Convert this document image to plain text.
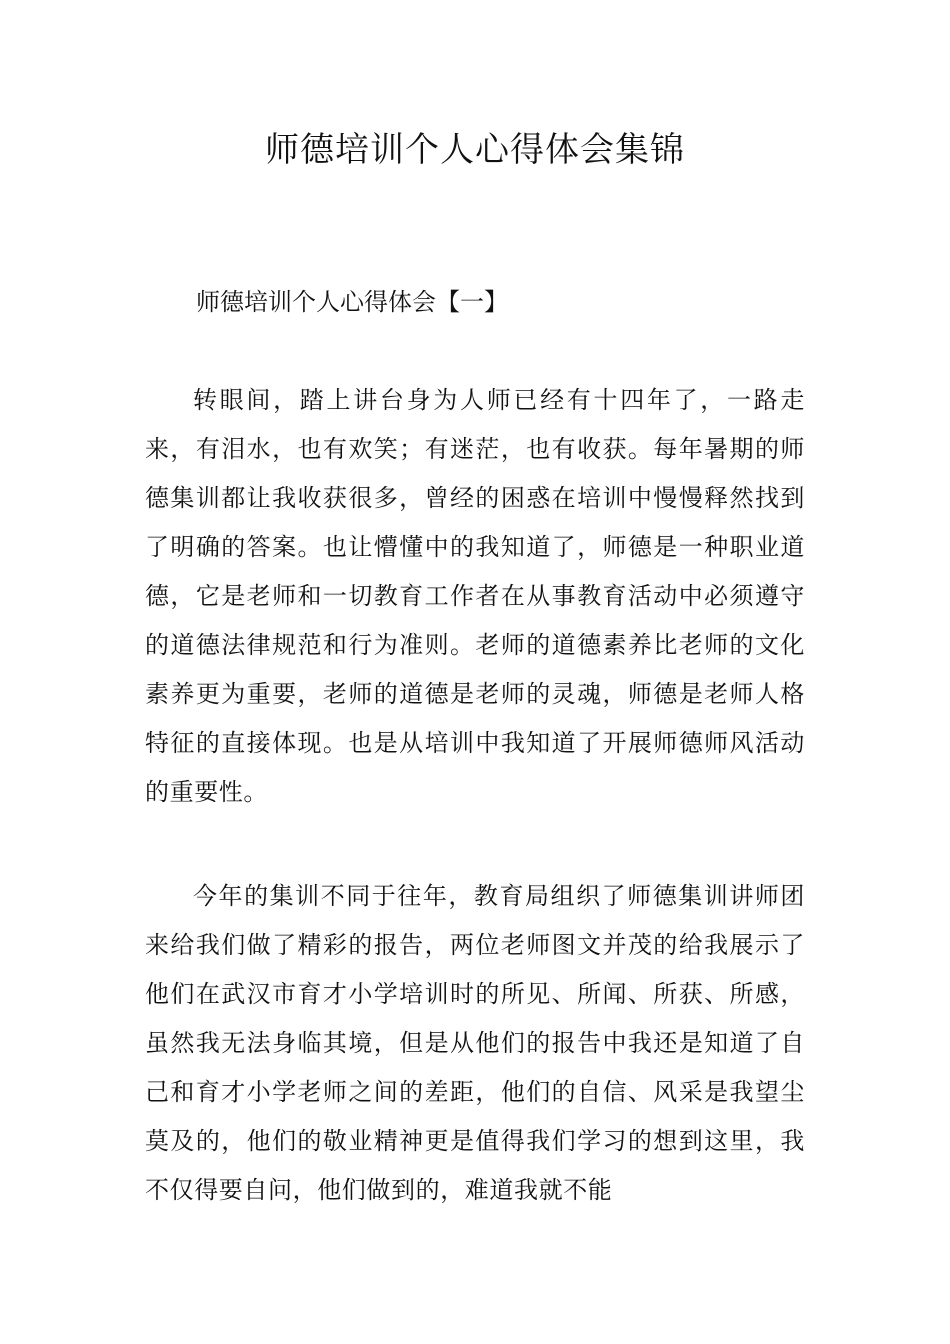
师德培训个人心得体会集锦
师德培训个人心得体会【一】

转眼间，踏上讲台身为人师已经有十四年了，一路走来，有泪水，也有欢笑；有迷茫，也有收获。每年暑期的师德集训都让我收获很多，曾经的困惑在培训中慢慢释然找到了明确的答案。也让懵懂中的我知道了，师德是一种职业道德，它是老师和一切教育工作者在从事教育活动中必须遵守的道德法律规范和行为准则。老师的道德素养比老师的文化素养更为重要，老师的道德是老师的灵魂，师德是老师人格特征的直接体现。也是从培训中我知道了开展师德师风活动的重要性。

今年的集训不同于往年，教育局组织了师德集训讲师团来给我们做了精彩的报告，两位老师图文并茂的给我展示了他们在武汉市育才小学培训时的所见、所闻、所获、所感，虽然我无法身临其境，但是从他们的报告中我还是知道了自己和育才小学老师之间的差距，他们的自信、风采是我望尘莫及的，他们的敬业精神更是值得我们学习的想到这里，我不仅得要自问，他们做到的，难道我就不能
